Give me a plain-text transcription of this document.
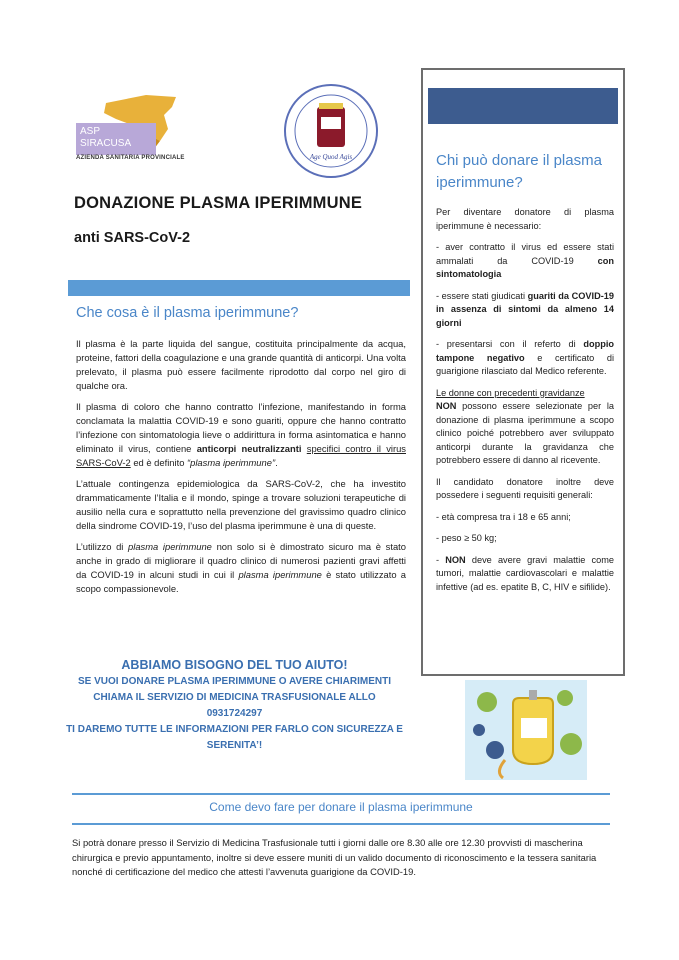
ASP
SIRACUSA
AZIENDA SANITARIA PROVINCIALE	Age Quod Agis
DONAZIONE PLASMA IPERIMMUNE
anti SARS-CoV-2
Che cosa è il plasma iperimmune?

Il plasma è la parte liquida del sangue, costituita principalmente da acqua, proteine, fattori della coagulazione e una grande quantità di anticorpi. Una volta prelevato, il plasma può essere facilmente riprodotto dal corpo nel giro di qualche ora.

Il plasma di coloro che hanno contratto l’infezione, manifestando in forma conclamata la malattia COVID-19 e sono guariti, oppure che hanno contratto l’infezione con sintomatologia lieve o addirittura in forma asintomatica e hanno eliminato il virus, contiene anticorpi neutralizzanti specifici contro il virus SARS-CoV-2 ed è definito “plasma iperimmune”.

L’attuale contingenza epidemiologica da SARS-CoV-2, che ha investito drammaticamente l’Italia e il mondo, spinge a trovare soluzioni terapeutiche di ausilio nella cura e soprattutto nella prevenzione del gravissimo quadro clinico della sindrome COVID-19, l’uso del plasma iperimmune è una di queste.

L’utilizzo di plasma iperimmune non solo si è dimostrato sicuro ma è stato anche in grado di migliorare il quadro clinico di numerosi pazienti gravi affetti da COVID-19 in alcuni studi in cui il plasma iperimmune è stato utilizzato a scopo compassionevole.

Chi può donare il plasma iperimmune?

Per diventare donatore di plasma iperimmune è necessario:

- aver contratto il virus ed essere stati ammalati da COVID-19 con sintomatologia

- essere stati giudicati guariti da COVID-19 in assenza di sintomi da almeno 14 giorni

- presentarsi con il referto di doppio tampone negativo e certificato di guarigione rilasciato dal Medico referente.

Le donne con precedenti gravidanze
NON possono essere selezionate per la donazione di plasma iperimmune a scopo clinico poiché potrebbero aver sviluppato anticorpi durante la gravidanza che potrebbero essere di danno al ricevente.

Il candidato donatore inoltre deve possedere i seguenti requisiti generali:

- età compresa tra i 18 e 65 anni;

- peso ≥ 50 kg;

- NON deve avere gravi malattie come tumori, malattie cardiovascolari e malattie infettive (ad es. epatite B, C, HIV e sifilide).

ABBIAMO BISOGNO DEL TUO AIUTO!
SE VUOI DONARE PLASMA IPERIMMUNE O AVERE CHIARIMENTI
CHIAMA IL SERVIZIO DI MEDICINA TRASFUSIONALE ALLO
0931724297
TI DAREMO TUTTE LE INFORMAZIONI PER FARLO CON SICUREZZA E
SERENITA’!
Come devo fare per donare il plasma iperimmune
Si potrà donare presso il Servizio di Medicina Trasfusionale tutti i giorni dalle ore 8.30 alle ore 12.30 provvisti di mascherina chirurgica e previo appuntamento, inoltre si deve essere muniti di un valido documento di riconoscimento e la tessera sanitaria nonché di certificazione del medico che attesti l’avvenuta guarigione da COVID-19.
